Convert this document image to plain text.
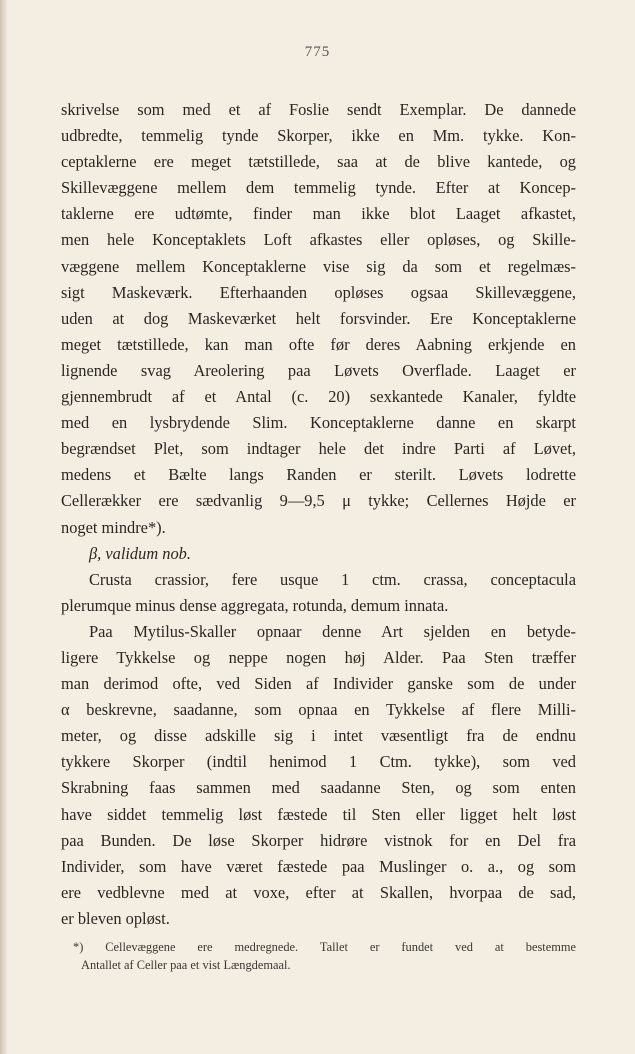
775
skrivelse som med et af Foslie sendt Exemplar. De dannede
udbredte, temmelig tynde Skorper, ikke en Mm. tykke. Kon-
ceptaklerne ere meget tætstillede, saa at de blive kantede, og
Skillevæggene mellem dem temmelig tynde. Efter at Koncep-
taklerne ere udtømte, finder man ikke blot Laaget afkastet,
men hele Konceptaklets Loft afkastes eller opløses, og Skille-
væggene mellem Konceptaklerne vise sig da som et regelmæs-
sigt Maskeværk. Efterhaanden opløses ogsaa Skillevæggene,
uden at dog Maskeværket helt forsvinder. Ere Konceptaklerne
meget tætstillede, kan man ofte før deres Aabning erkjende en
lignende svag Areolering paa Løvets Overflade. Laaget er
gjennembrudt af et Antal (c. 20) sexkantede Kanaler, fyldte
med en lysbrydende Slim. Konceptaklerne danne en skarpt
begrændset Plet, som indtager hele det indre Parti af Løvet,
medens et Bælte langs Randen er sterilt. Løvets lodrette
Cellerækker ere sædvanlig 9—9,5 μ tykke; Cellernes Højde er
noget mindre*).
β, validum nob.
Crusta crassior, fere usque 1 ctm. crassa, conceptacula
plerumque minus dense aggregata, rotunda, demum innata.
Paa Mytilus-Skaller opnaar denne Art sjelden en betyde-
ligere Tykkelse og neppe nogen høj Alder. Paa Sten træffer
man derimod ofte, ved Siden af Individer ganske som de under
α beskrevne, saadanne, som opnaa en Tykkelse af flere Milli-
meter, og disse adskille sig i intet væsentligt fra de endnu
tykkere Skorper (indtil henimod 1 Ctm. tykke), som ved
Skrabning faas sammen med saadanne Sten, og som enten
have siddet temmelig løst fæstede til Sten eller ligget helt løst
paa Bunden. De løse Skorper hidrøre vistnok for en Del fra
Individer, som have været fæstede paa Muslinger o. a., og som
ere vedblevne med at voxe, efter at Skallen, hvorpaa de sad,
er bleven opløst.
*) Cellevæggene ere medregnede. Tallet er fundet ved at bestemme
Antallet af Celler paa et vist Længdemaal.
